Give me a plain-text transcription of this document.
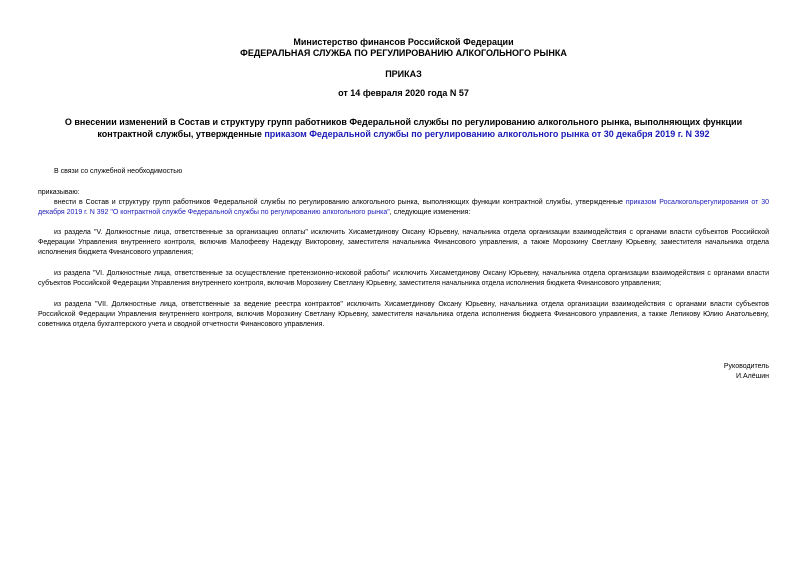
Министерство финансов Российской Федерации

ФЕДЕРАЛЬНАЯ СЛУЖБА ПО РЕГУЛИРОВАНИЮ АЛКОГОЛЬНОГО РЫНКА

ПРИКАЗ

от 14 февраля 2020 года N 57

О внесении изменений в Состав и структуру групп работников Федеральной службы по регулированию алкогольного рынка, выполняющих функции контрактной службы, утвержденные приказом Федеральной службы по регулированию алкогольного рынка от 30 декабря 2019 г. N 392

В связи со служебной необходимостью

приказываю:

внести в Состав и структуру групп работников Федеральной службы по регулированию алкогольного рынка, выполняющих функции контрактной службы, утвержденные приказом Росалкогольрегулирования от 30 декабря 2019 г. N 392 "О контрактной службе Федеральной службы по регулированию алкогольного рынка", следующие изменения:

из раздела "V. Должностные лица, ответственные за организацию оплаты" исключить Хисаметдинову Оксану Юрьевну, начальника отдела организации взаимодействия с органами власти субъектов Российской Федерации Управления внутреннего контроля, включив Малофееву Надежду Викторовну, заместителя начальника Финансового управления, а также Морозкину Светлану Юрьевну, заместителя начальника отдела исполнения бюджета Финансового управления;

из раздела "VI. Должностные лица, ответственные за осуществление претензионно-исковой работы" исключить Хисаметдинову Оксану Юрьевну, начальника отдела организации взаимодействия с органами власти субъектов Российской Федерации Управления внутреннего контроля, включив Морозкину Светлану Юрьевну, заместителя начальника отдела исполнения бюджета Финансового управления;

из раздела "VII. Должностные лица, ответственные за ведение реестра контрактов" исключить Хисаметдинову Оксану Юрьевну, начальника отдела организации взаимодействия с органами власти субъектов Российской Федерации Управления внутреннего контроля, включив Морозкину Светлану Юрьевну, заместителя начальника отдела исполнения бюджета Финансового управления, а также Лепикову Юлию Анатольевну, советника отдела бухгалтерского учета и сводной отчетности Финансового управления.

Руководитель
И.Алёшин
